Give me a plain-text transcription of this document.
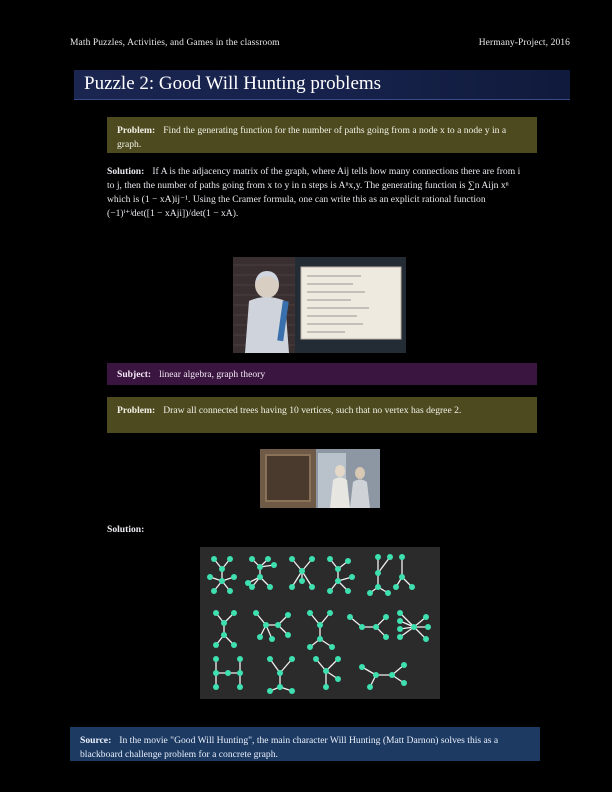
Math Puzzles, Activities, and Games in the classroom	Hermany-Project, 2016
Puzzle 2: Good Will Hunting problems
Problem: Find the generating function for the number of paths going from a node x to a node y in a graph.
Solution: If A is the adjacency matrix of the graph, where Aij tells how many connections there are from i to j, then the number of paths going from x to y in n steps is Aⁿx,y. The generating function is ∑n Aijn xⁿ which is (1 − xA)ij⁻¹. Using the Cramer formula, one can write this as an explicit rational function (−1)ⁱ⁺ʲdet([1 − xAji])/det(1 − xA).
Subject: linear algebra, graph theory
Problem: Draw all connected trees having 10 vertices, such that no vertex has degree 2.
Solution:
Source: In the movie "Good Will Hunting", the main character Will Hunting (Matt Darnon) solves this as a blackboard challenge problem for a concrete graph.
